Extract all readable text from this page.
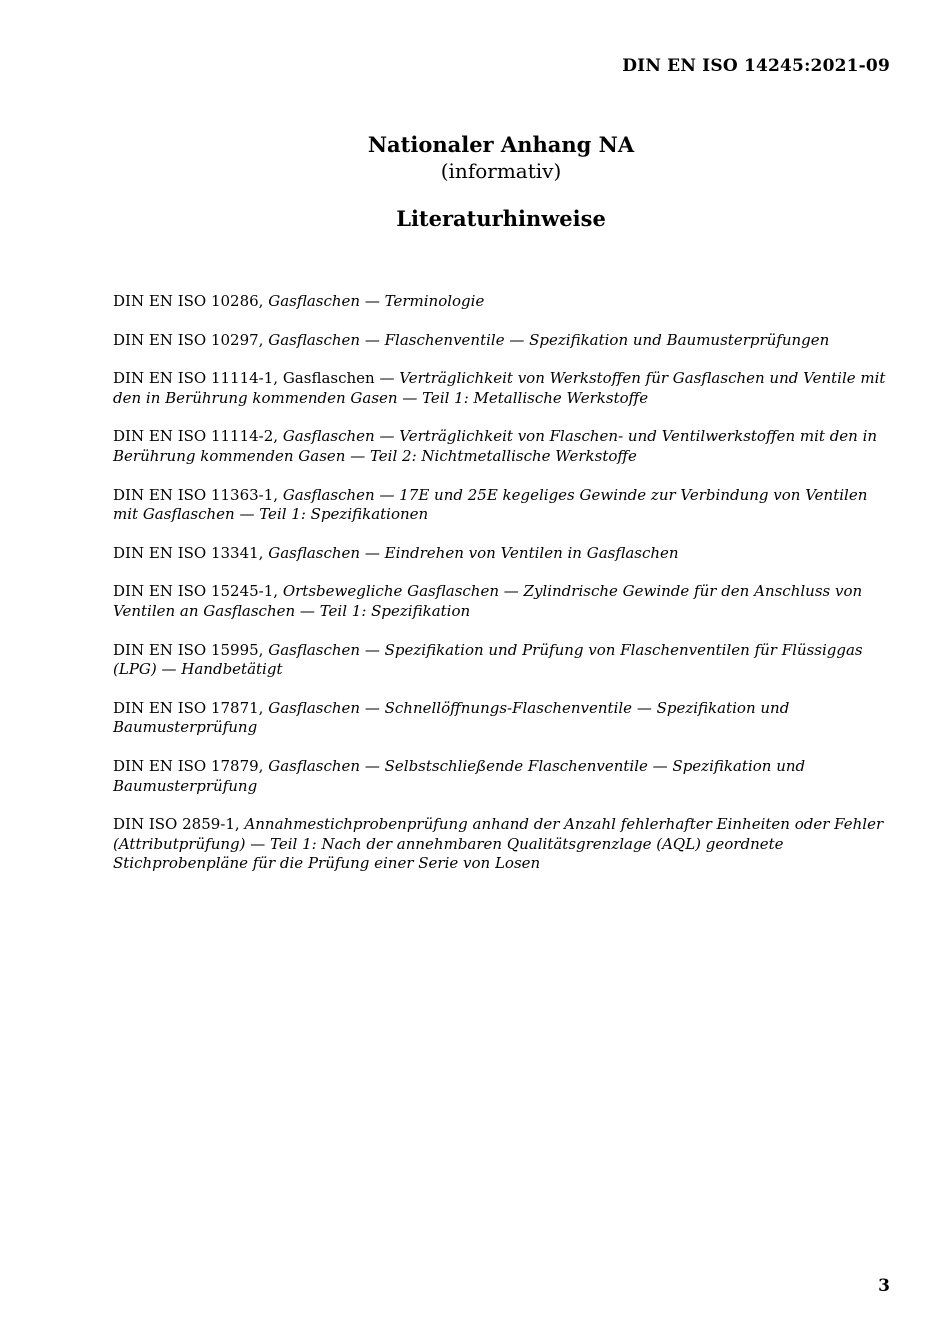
DIN EN ISO 14245:2021-09
Nationaler Anhang NA
(informativ)
Literaturhinweise
DIN EN ISO 10286, Gasflaschen — Terminologie
DIN EN ISO 10297, Gasflaschen — Flaschenventile — Spezifikation und Baumusterprüfungen
DIN EN ISO 11114-1, Gasflaschen — Verträglichkeit von Werkstoffen für Gasflaschen und Ventile mit den in Berührung kommenden Gasen — Teil 1: Metallische Werkstoffe
DIN EN ISO 11114-2, Gasflaschen — Verträglichkeit von Flaschen- und Ventilwerkstoffen mit den in Berührung kommenden Gasen — Teil 2: Nichtmetallische Werkstoffe
DIN EN ISO 11363-1, Gasflaschen — 17E und 25E kegeliges Gewinde zur Verbindung von Ventilen mit Gasflaschen — Teil 1: Spezifikationen
DIN EN ISO 13341, Gasflaschen — Eindrehen von Ventilen in Gasflaschen
DIN EN ISO 15245-1, Ortsbewegliche Gasflaschen — Zylindrische Gewinde für den Anschluss von Ventilen an Gasflaschen — Teil 1: Spezifikation
DIN EN ISO 15995, Gasflaschen — Spezifikation und Prüfung von Flaschenventilen für Flüssiggas (LPG) — Handbetätigt
DIN EN ISO 17871, Gasflaschen — Schnellöffnungs-Flaschenventile — Spezifikation und Baumusterprüfung
DIN EN ISO 17879, Gasflaschen — Selbstschließende Flaschenventile — Spezifikation und Baumusterprüfung
DIN ISO 2859-1, Annahmestichprobenprüfung anhand der Anzahl fehlerhafter Einheiten oder Fehler (Attributprüfung) — Teil 1: Nach der annehmbaren Qualitätsgrenzlage (AQL) geordnete Stichprobenpläne für die Prüfung einer Serie von Losen
3
